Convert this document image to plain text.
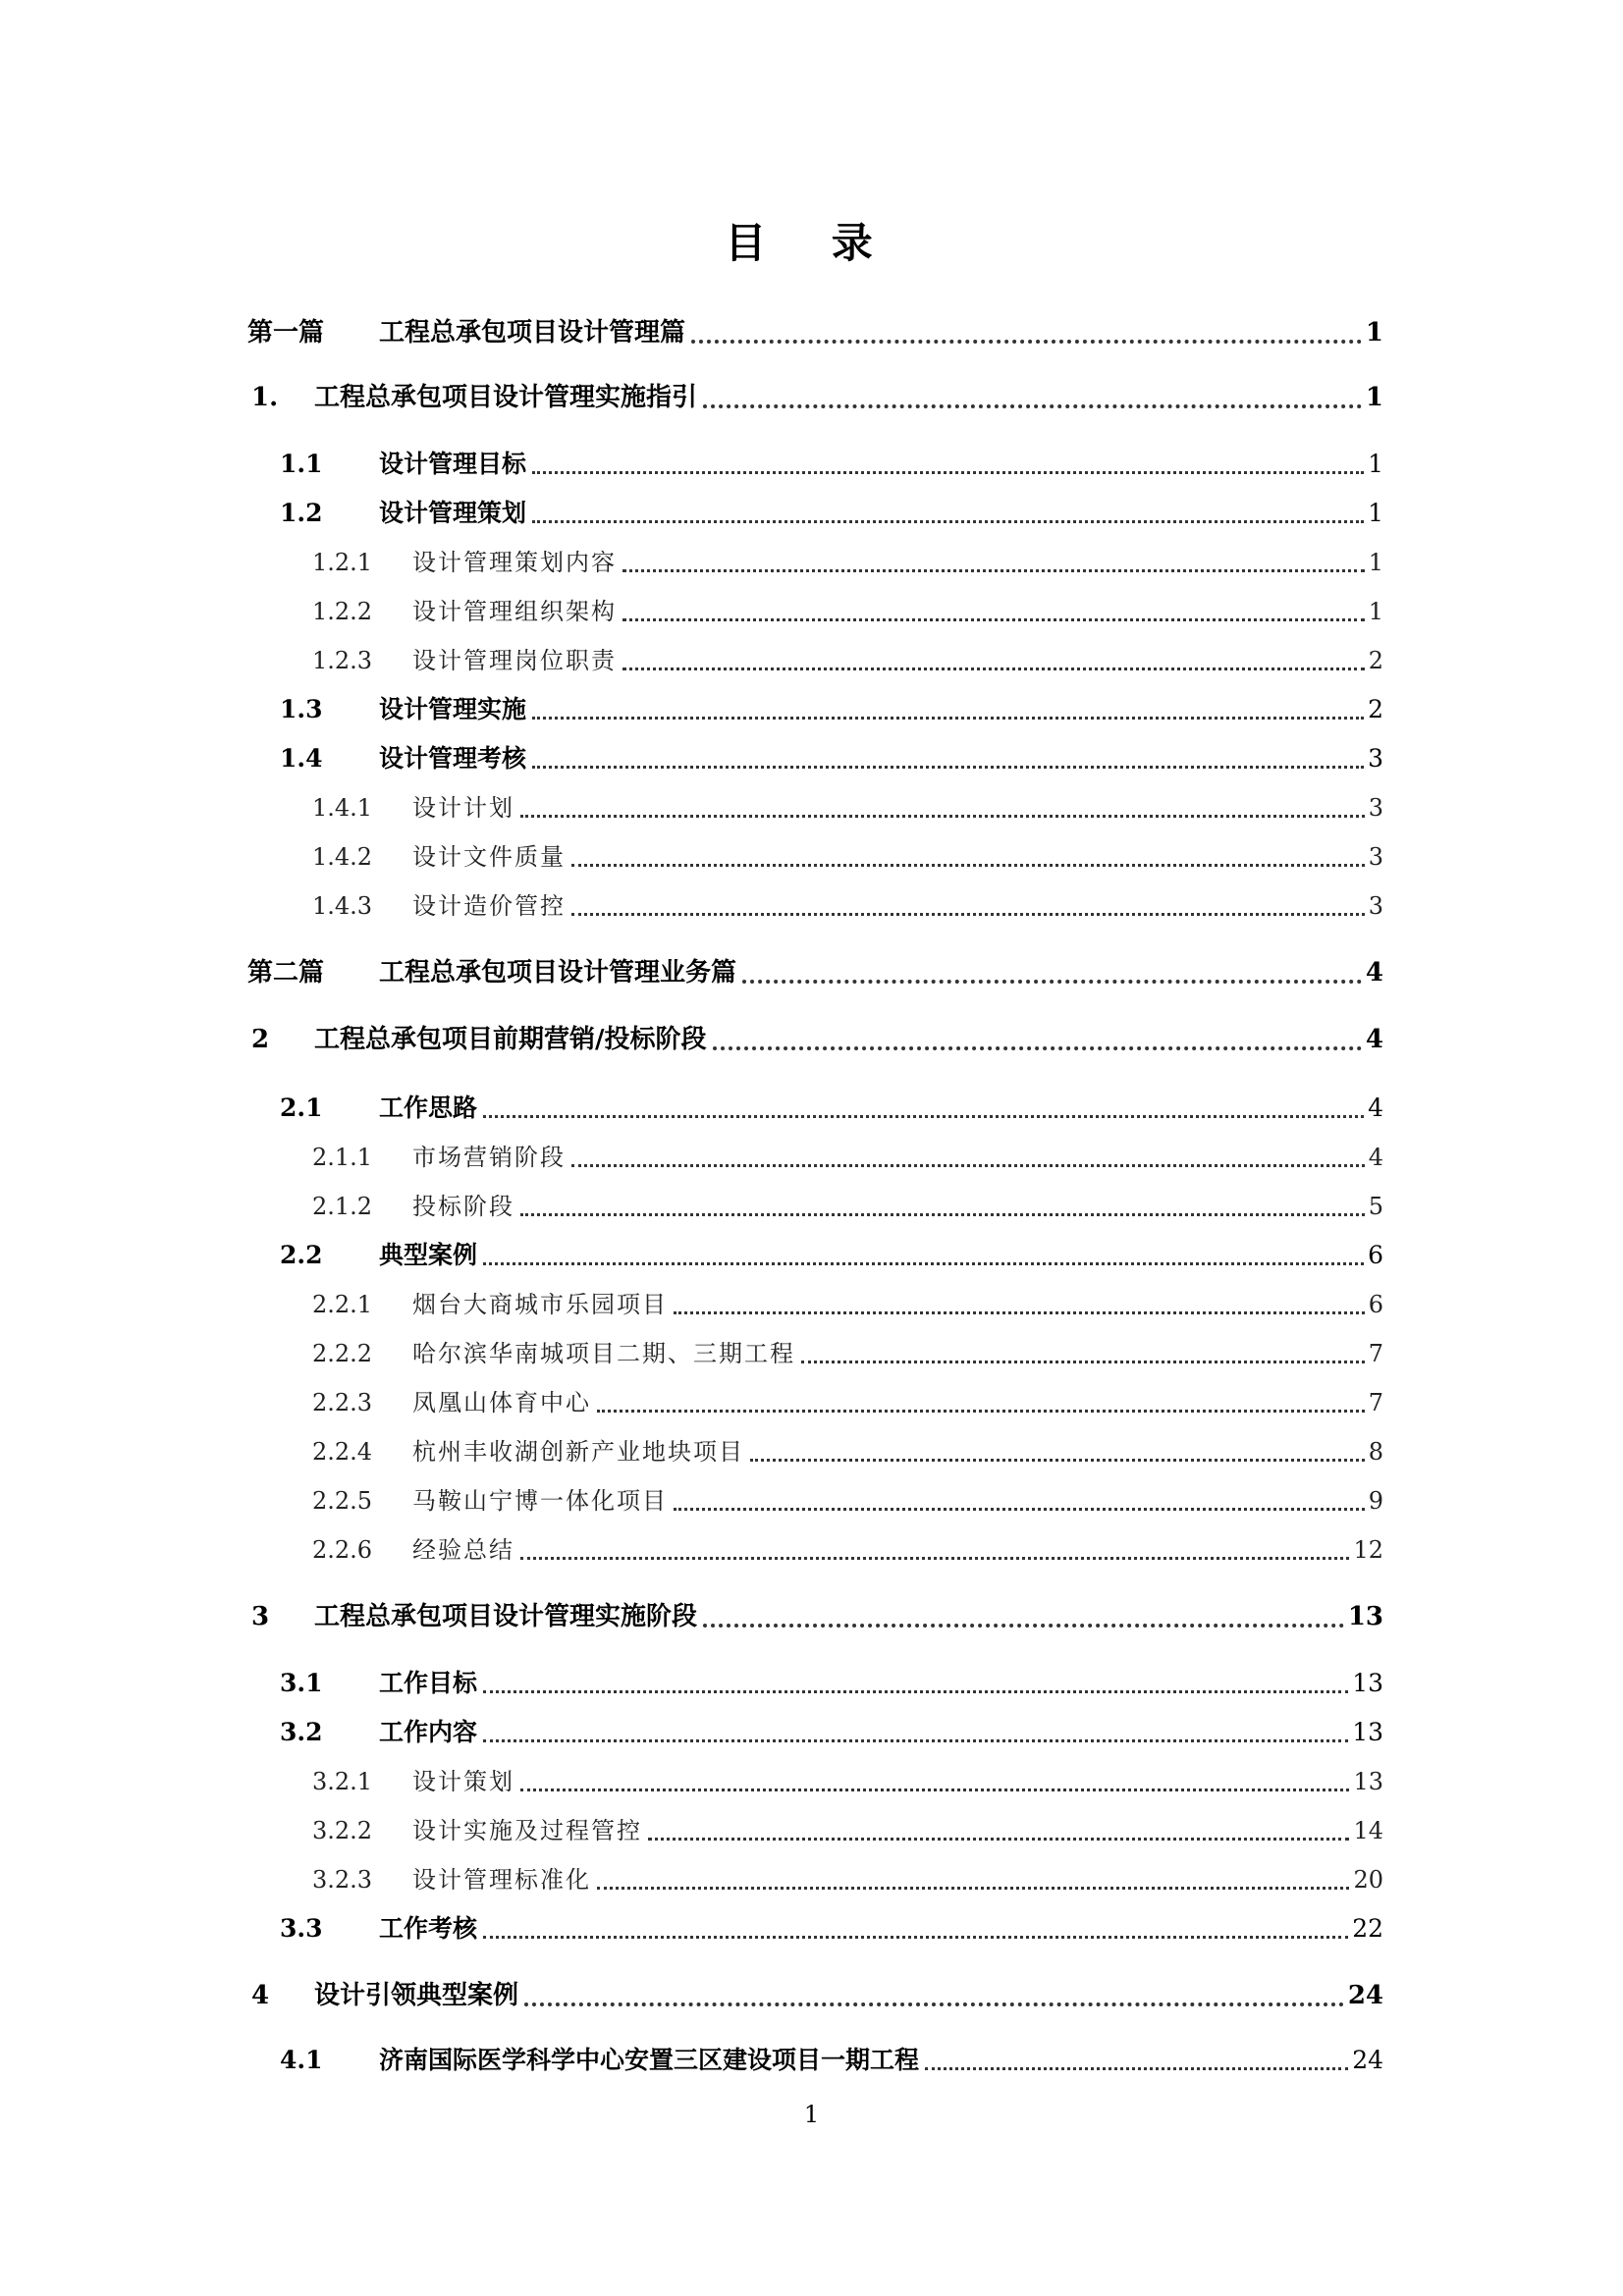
目 录
第一篇 工程总承包项目设计管理篇	1
1. 工程总承包项目设计管理实施指引	1
1.1 设计管理目标	1
1.2 设计管理策划	1
1.2.1 设计管理策划内容	1
1.2.2 设计管理组织架构	1
1.2.3 设计管理岗位职责	2
1.3 设计管理实施	2
1.4 设计管理考核	3
1.4.1 设计计划	3
1.4.2 设计文件质量	3
1.4.3 设计造价管控	3
第二篇 工程总承包项目设计管理业务篇	4
2 工程总承包项目前期营销/投标阶段	4
2.1 工作思路	4
2.1.1 市场营销阶段	4
2.1.2 投标阶段	5
2.2 典型案例	6
2.2.1 烟台大商城市乐园项目	6
2.2.2 哈尔滨华南城项目二期、三期工程	7
2.2.3 凤凰山体育中心	7
2.2.4 杭州丰收湖创新产业地块项目	8
2.2.5 马鞍山宁博一体化项目	9
2.2.6 经验总结	12
3 工程总承包项目设计管理实施阶段	13
3.1 工作目标	13
3.2 工作内容	13
3.2.1 设计策划	13
3.2.2 设计实施及过程管控	14
3.2.3 设计管理标准化	20
3.3 工作考核	22
4 设计引领典型案例	24
4.1 济南国际医学科学中心安置三区建设项目一期工程	24
1
